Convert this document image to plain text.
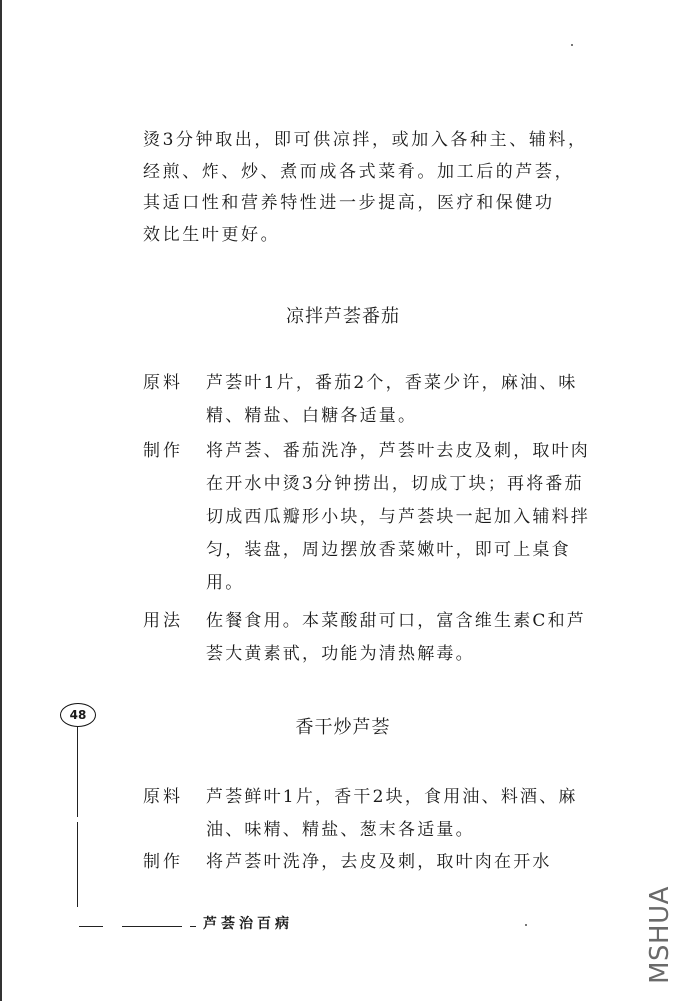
烫3分钟取出，即可供凉拌，或加入各种主、辅料，
经煎、炸、炒、煮而成各式菜肴。加工后的芦荟，
其适口性和营养特性进一步提高，医疗和保健功
效比生叶更好。
凉拌芦荟番茄
原料	芦荟叶1片，番茄2个，香菜少许，麻油、味精、精盐、白糖各适量。
制作	将芦荟、番茄洗净，芦荟叶去皮及刺，取叶肉在开水中烫3分钟捞出，切成丁块；再将番茄切成西瓜瓣形小块，与芦荟块一起加入辅料拌匀，装盘，周边摆放香菜嫩叶，即可上桌食用。
用法	佐餐食用。本菜酸甜可口，富含维生素C和芦荟大黄素甙，功能为清热解毒。
48
香干炒芦荟
原料	芦荟鲜叶1片，香干2块，食用油、料酒、麻油、味精、精盐、葱末各适量。
制作	将芦荟叶洗净，去皮及刺，取叶肉在开水
芦荟治百病	MSHUA
